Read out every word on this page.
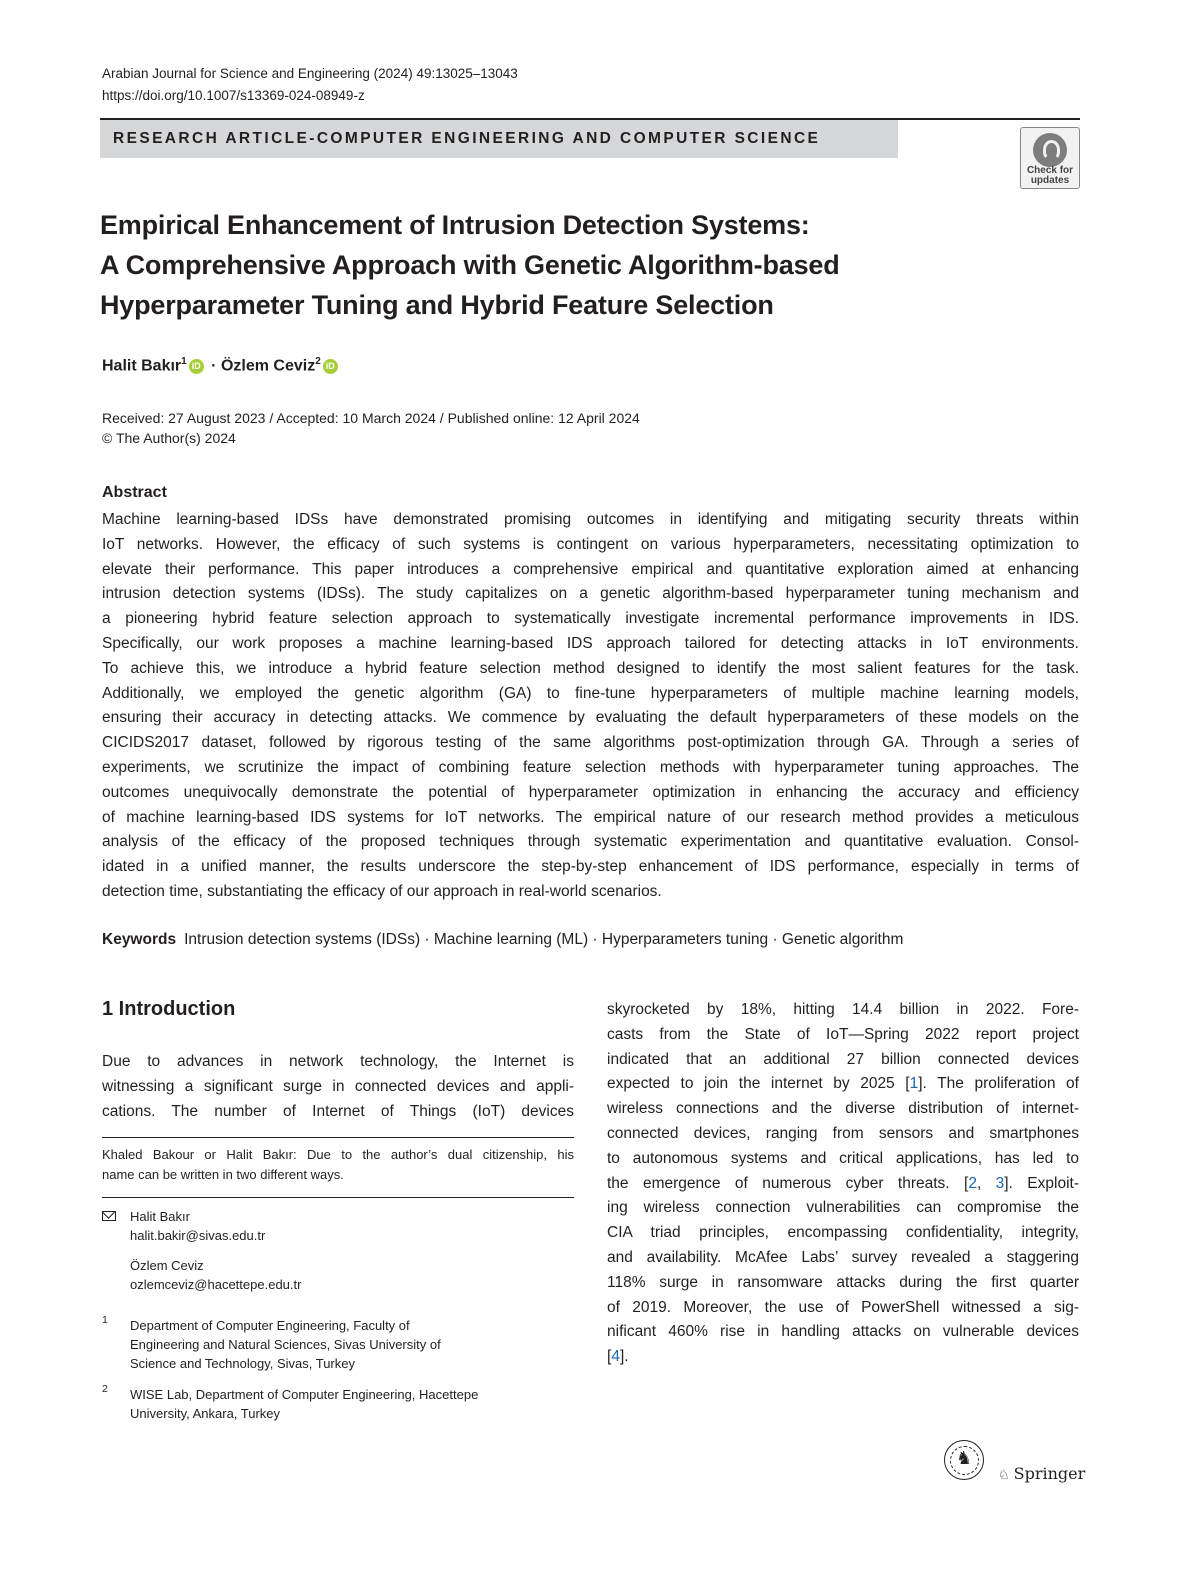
Arabian Journal for Science and Engineering (2024) 49:13025–13043
https://doi.org/10.1007/s13369-024-08949-z
RESEARCH ARTICLE-COMPUTER ENGINEERING AND COMPUTER SCIENCE
Check for updates
Empirical Enhancement of Intrusion Detection Systems:
A Comprehensive Approach with Genetic Algorithm-based
Hyperparameter Tuning and Hybrid Feature Selection
Halit Bakır$^1$ iD · Özlem Ceviz$^2$ iD
Received: 27 August 2023 / Accepted: 10 March 2024 / Published online: 12 April 2024
© The Author(s) 2024
Abstract
Machine learning-based IDSs have demonstrated promising outcomes in identifying and mitigating security threats within
IoT networks. However, the efficacy of such systems is contingent on various hyperparameters, necessitating optimization to
elevate their performance. This paper introduces a comprehensive empirical and quantitative exploration aimed at enhancing
intrusion detection systems (IDSs). The study capitalizes on a genetic algorithm-based hyperparameter tuning mechanism and
a pioneering hybrid feature selection approach to systematically investigate incremental performance improvements in IDS.
Specifically, our work proposes a machine learning-based IDS approach tailored for detecting attacks in IoT environments.
To achieve this, we introduce a hybrid feature selection method designed to identify the most salient features for the task.
Additionally, we employed the genetic algorithm (GA) to fine-tune hyperparameters of multiple machine learning models,
ensuring their accuracy in detecting attacks. We commence by evaluating the default hyperparameters of these models on the
CICIDS2017 dataset, followed by rigorous testing of the same algorithms post-optimization through GA. Through a series of
experiments, we scrutinize the impact of combining feature selection methods with hyperparameter tuning approaches. The
outcomes unequivocally demonstrate the potential of hyperparameter optimization in enhancing the accuracy and efficiency
of machine learning-based IDS systems for IoT networks. The empirical nature of our research method provides a meticulous
analysis of the efficacy of the proposed techniques through systematic experimentation and quantitative evaluation. Consol-
idated in a unified manner, the results underscore the step-by-step enhancement of IDS performance, especially in terms of
detection time, substantiating the efficacy of our approach in real-world scenarios.
Keywords Intrusion detection systems (IDSs) · Machine learning (ML) · Hyperparameters tuning · Genetic algorithm
1 Introduction
Due to advances in network technology, the Internet is
witnessing a significant surge in connected devices and appli-
cations. The number of Internet of Things (IoT) devices
skyrocketed by 18%, hitting 14.4 billion in 2022. Fore-
casts from the State of IoT—Spring 2022 report project
indicated that an additional 27 billion connected devices
expected to join the internet by 2025 [1]. The proliferation of
wireless connections and the diverse distribution of internet-
connected devices, ranging from sensors and smartphones
to autonomous systems and critical applications, has led to
the emergence of numerous cyber threats. [2, 3]. Exploit-
ing wireless connection vulnerabilities can compromise the
CIA triad principles, encompassing confidentiality, integrity,
and availability. McAfee Labs’ survey revealed a staggering
118% surge in ransomware attacks during the first quarter
of 2019. Moreover, the use of PowerShell witnessed a sig-
nificant 460% rise in handling attacks on vulnerable devices
[4].
Khaled Bakour or Halit Bakır: Due to the author’s dual citizenship, his
name can be written in two different ways.
Halit Bakır
halit.bakir@sivas.edu.tr
Özlem Ceviz
ozlemceviz@hacettepe.edu.tr
1 Department of Computer Engineering, Faculty of
Engineering and Natural Sciences, Sivas University of
Science and Technology, Sivas, Turkey
2 WISE Lab, Department of Computer Engineering, Hacettepe
University, Ankara, Turkey
♞
♘ Springer
